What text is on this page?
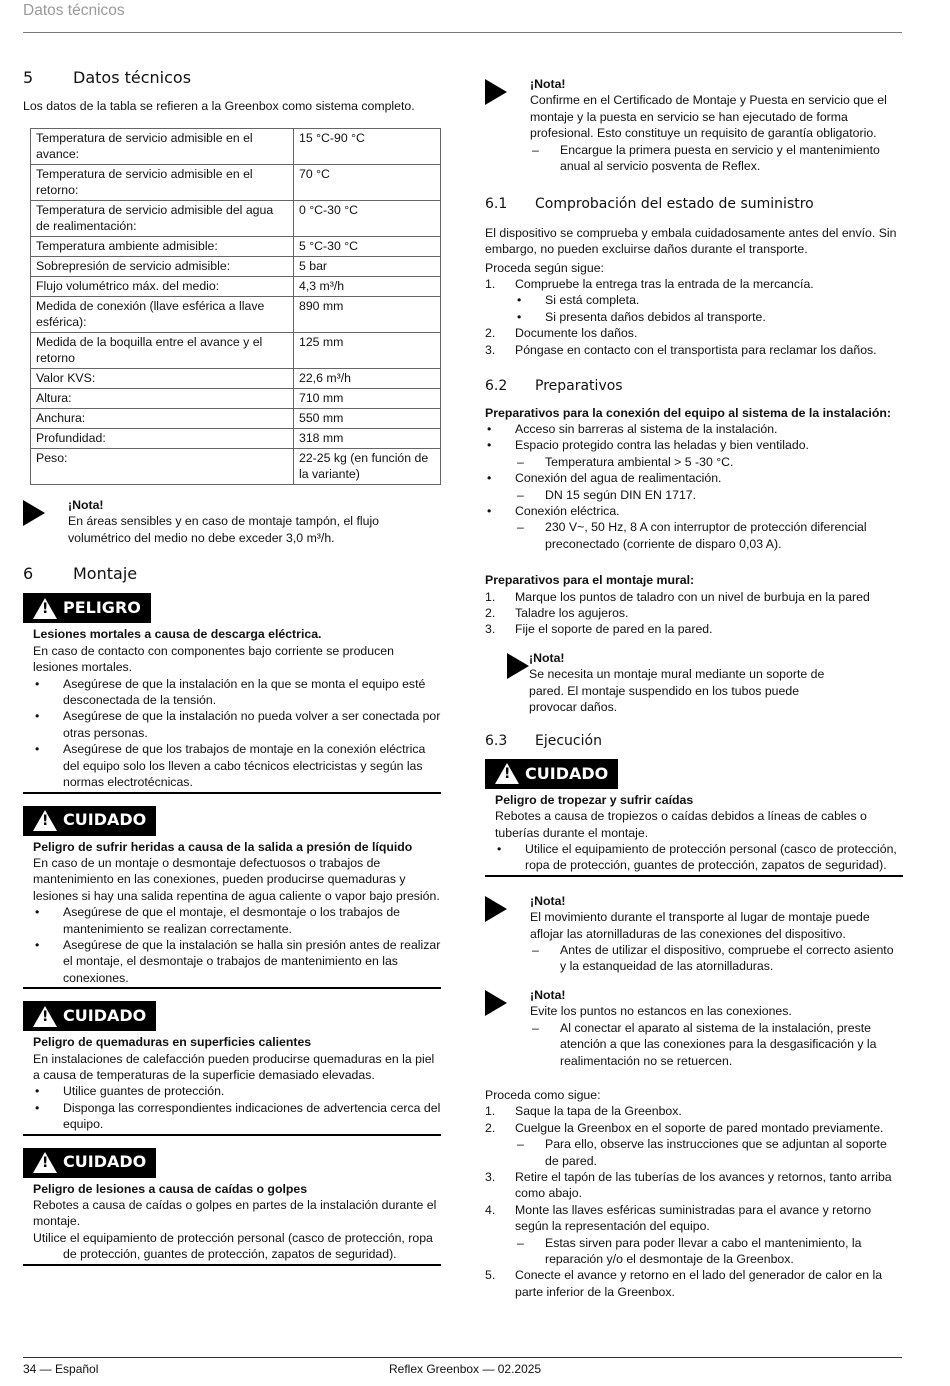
Datos técnicos
5	Datos técnicos

Los datos de la tabla se refieren a la Greenbox como sistema completo.

Temperatura de servicio admisible en el avance:	15 °C-90 °C
Temperatura de servicio admisible en el retorno:	70 °C
Temperatura de servicio admisible del agua de realimentación:	0 °C-30 °C
Temperatura ambiente admisible:	5 °C-30 °C
Sobrepresión de servicio admisible:	5 bar
Flujo volumétrico máx. del medio:	4,3 m³/h
Medida de conexión (llave esférica a llave esférica):	890 mm
Medida de la boquilla entre el avance y el retorno	125 mm
Valor KVS:	22,6 m³/h
Altura:	710 mm
Anchura:	550 mm
Profundidad:	318 mm
Peso:	22-25 kg (en función de la variante)

¡Nota!

En áreas sensibles y en caso de montaje tampón, el flujo volumétrico del medio no debe exceder 3,0 m³/h.

6	Montaje
!
PELIGRO

Lesiones mortales a causa de descarga eléctrica.

En caso de contacto con componentes bajo corriente se producen lesiones mortales.

• Asegúrese de que la instalación en la que se monta el equipo esté desconectada de la tensión.
• Asegúrese de que la instalación no pueda volver a ser conectada por otras personas.
• Asegúrese de que los trabajos de montaje en la conexión eléctrica del equipo solo los lleven a cabo técnicos electricistas y según las normas electrotécnicas.
!
CUIDADO

Peligro de sufrir heridas a causa de la salida a presión de líquido

En caso de un montaje o desmontaje defectuosos o trabajos de mantenimiento en las conexiones, pueden producirse quemaduras y lesiones si hay una salida repentina de agua caliente o vapor bajo presión.

• Asegúrese de que el montaje, el desmontaje o los trabajos de mantenimiento se realizan correctamente.
• Asegúrese de que la instalación se halla sin presión antes de realizar el montaje, el desmontaje o trabajos de mantenimiento en las conexiones.
!
CUIDADO

Peligro de quemaduras en superficies calientes

En instalaciones de calefacción pueden producirse quemaduras en la piel a causa de temperaturas de la superficie demasiado elevadas.

• Utilice guantes de protección.
• Disponga las correspondientes indicaciones de advertencia cerca del equipo.
!
CUIDADO

Peligro de lesiones a causa de caídas o golpes

Rebotes a causa de caídas o golpes en partes de la instalación durante el montaje.

Utilice el equipamiento de protección personal (casco de protección, ropa de protección, guantes de protección, zapatos de seguridad).

¡Nota!

Confirme en el Certificado de Montaje y Puesta en servicio que el montaje y la puesta en servicio se han ejecutado de forma profesional. Esto constituye un requisito de garantía obligatorio.

– Encargue la primera puesta en servicio y el mantenimiento anual al servicio posventa de Reflex.
6.1	Comprobación del estado de suministro

El dispositivo se comprueba y embala cuidadosamente antes del envío. Sin embargo, no pueden excluirse daños durante el transporte.

Proceda según sigue:

1. Compruebe la entrega tras la entrada de la mercancía.
• Si está completa.
• Si presenta daños debidos al transporte.
2. Documente los daños.
3. Póngase en contacto con el transportista para reclamar los daños.
6.2	Preparativos

Preparativos para la conexión del equipo al sistema de la instalación:

• Acceso sin barreras al sistema de la instalación.
• Espacio protegido contra las heladas y bien ventilado.
– Temperatura ambiental > 5 -30 °C.
• Conexión del agua de realimentación.
– DN 15 según DIN EN 1717.
• Conexión eléctrica.
– 230 V~, 50 Hz, 8 A con interruptor de protección diferencial preconectado (corriente de disparo 0,03 A).

Preparativos para el montaje mural:

1. Marque los puntos de taladro con un nivel de burbuja en la pared
2. Taladre los agujeros.
3. Fije el soporte de pared en la pared.

¡Nota!

Se necesita un montaje mural mediante un soporte de pared. El montaje suspendido en los tubos puede provocar daños.

6.3	Ejecución
!
CUIDADO

Peligro de tropezar y sufrir caídas

Rebotes a causa de tropiezos o caídas debidos a líneas de cables o tuberías durante el montaje.

• Utilice el equipamiento de protección personal (casco de protección, ropa de protección, guantes de protección, zapatos de seguridad).

¡Nota!

El movimiento durante el transporte al lugar de montaje puede aflojar las atornilladuras de las conexiones del dispositivo.

– Antes de utilizar el dispositivo, compruebe el correcto asiento y la estanqueidad de las atornilladuras.

¡Nota!

Evite los puntos no estancos en las conexiones.

– Al conectar el aparato al sistema de la instalación, preste atención a que las conexiones para la desgasificación y la realimentación no se retuercen.

Proceda como sigue:

1. Saque la tapa de la Greenbox.
2. Cuelgue la Greenbox en el soporte de pared montado previamente.
– Para ello, observe las instrucciones que se adjuntan al soporte de pared.
3. Retire el tapón de las tuberías de los avances y retornos, tanto arriba como abajo.
4. Monte las llaves esféricas suministradas para el avance y retorno según la representación del equipo.
– Estas sirven para poder llevar a cabo el mantenimiento, la reparación y/o el desmontaje de la Greenbox.
5. Conecte el avance y retorno en el lado del generador de calor en la parte inferior de la Greenbox.
34 — Español	Reflex Greenbox — 02.2025
